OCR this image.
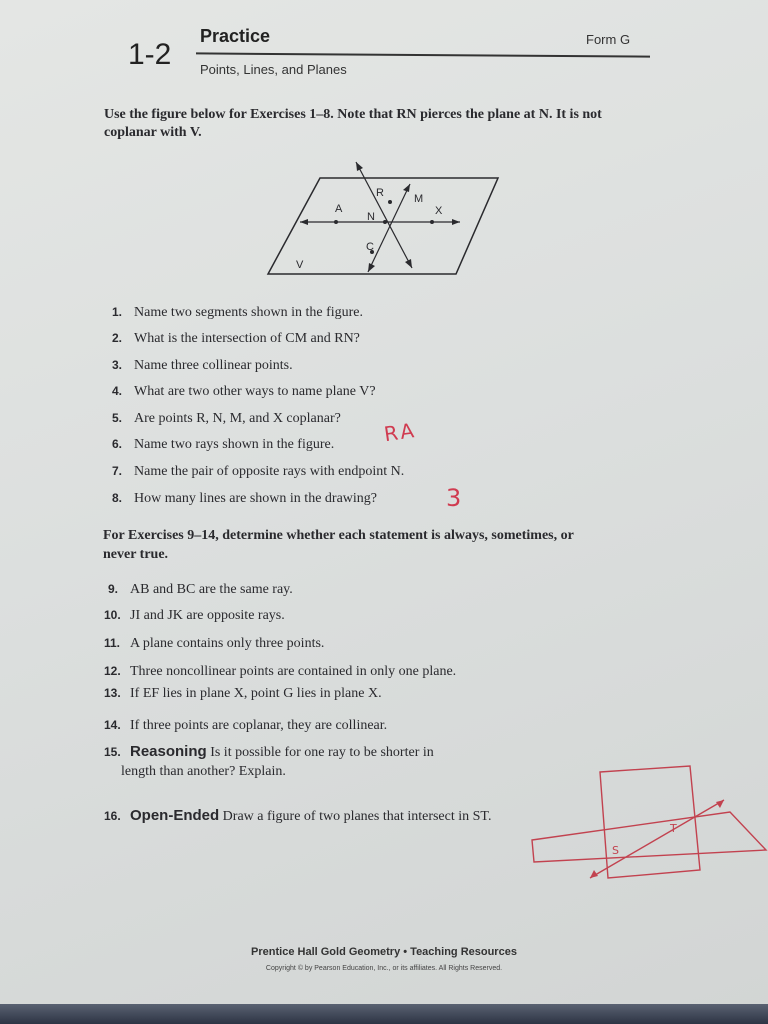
1-2
Practice	Form G
Points, Lines, and Planes
Use the figure below for Exercises 1–8. Note that RN pierces the plane at N. It is not coplanar with V.
R	M
A
N	X
C
V
1. Name two segments shown in the figure.
2. What is the intersection of CM and RN?
3. Name three collinear points.
4. What are two other ways to name plane V?
5. Are points R, N, M, and X coplanar?
6. Name two rays shown in the figure.
7. Name the pair of opposite rays with endpoint N.
8. How many lines are shown in the drawing?
RA
3
For Exercises 9–14, determine whether each statement is always, sometimes, or never true.
9. AB and BC are the same ray.
10. JI and JK are opposite rays.
11. A plane contains only three points.
12. Three noncollinear points are contained in only one plane.
13. If EF lies in plane X, point G lies in plane X.
14. If three points are coplanar, they are collinear.
15. Reasoning Is it possible for one ray to be shorter in
length than another? Explain.
16. Open-Ended Draw a figure of two planes that intersect in ST.
T
S
Prentice Hall Gold Geometry • Teaching Resources
Copyright © by Pearson Education, Inc., or its affiliates. All Rights Reserved.
